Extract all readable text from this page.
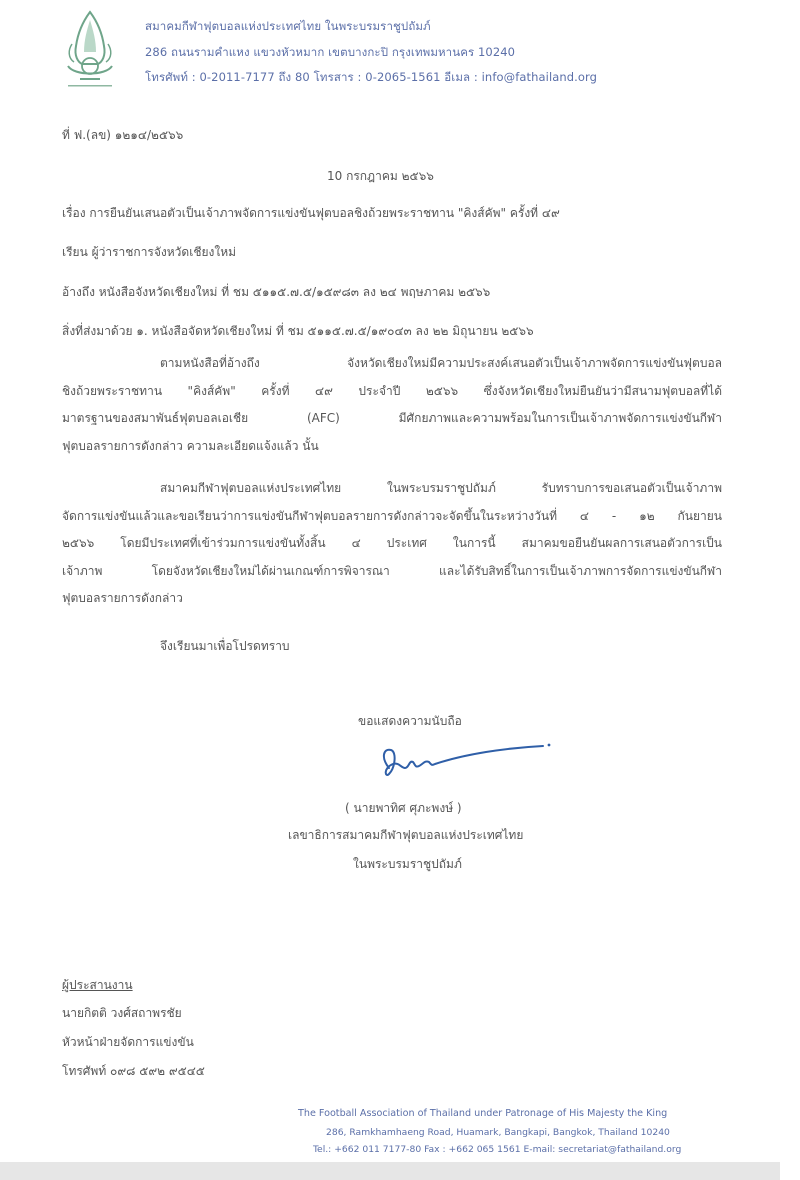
สมาคมกีฬาฟุตบอลแห่งประเทศไทย ในพระบรมราชูปถัมภ์
286 ถนนรามคำแหง แขวงหัวหมาก เขตบางกะปิ กรุงเทพมหานคร 10240
โทรศัพท์ : 0-2011-7177 ถึง 80 โทรสาร : 0-2065-1561 อีเมล : info@fathailand.org
ที่ ฟ.(ลข) ๑๒๑๔/๒๕๖๖
10 กรกฎาคม ๒๕๖๖
เรื่อง การยืนยันเสนอตัวเป็นเจ้าภาพจัดการแข่งขันฟุตบอลชิงถ้วยพระราชทาน "คิงส์คัพ" ครั้งที่ ๔๙
เรียน ผู้ว่าราชการจังหวัดเชียงใหม่
อ้างถึง หนังสือจังหวัดเชียงใหม่ ที่ ชม ๕๑๑๕.๗.๕/๑๕๙๘๓ ลง ๒๔ พฤษภาคม ๒๕๖๖
สิ่งที่ส่งมาด้วย ๑. หนังสือจัดหวัดเชียงใหม่ ที่ ชม ๕๑๑๕.๗.๕/๑๙๐๔๓ ลง ๒๒ มิถุนายน ๒๕๖๖
ตามหนังสือที่อ้างถึง จังหวัดเชียงใหม่มีความประสงค์เสนอตัวเป็นเจ้าภาพจัดการแข่งขันฟุตบอล
ชิงถ้วยพระราชทาน "คิงส์คัพ" ครั้งที่ ๔๙ ประจำปี ๒๕๖๖ ซึ่งจังหวัดเชียงใหม่ยืนยันว่ามีสนามฟุตบอลที่ได้
มาตรฐานของสมาพันธ์ฟุตบอลเอเชีย (AFC) มีศักยภาพและความพร้อมในการเป็นเจ้าภาพจัดการแข่งขันกีฬา
ฟุตบอลรายการดังกล่าว ความละเอียดแจ้งแล้ว นั้น
สมาคมกีฬาฟุตบอลแห่งประเทศไทย ในพระบรมราชูปถัมภ์ รับทราบการขอเสนอตัวเป็นเจ้าภาพ
จัดการแข่งขันแล้วและขอเรียนว่าการแข่งขันกีฬาฟุตบอลรายการดังกล่าวจะจัดขึ้นในระหว่างวันที่ ๔ - ๑๒ กันยายน
๒๕๖๖ โดยมีประเทศที่เข้าร่วมการแข่งขันทั้งสิ้น ๔ ประเทศ ในการนี้ สมาคมขอยืนยันผลการเสนอตัวการเป็น
เจ้าภาพ โดยจังหวัดเชียงใหม่ได้ผ่านเกณฑ์การพิจารณา และได้รับสิทธิ์ในการเป็นเจ้าภาพการจัดการแข่งขันกีฬา
ฟุตบอลรายการดังกล่าว
จึงเรียนมาเพื่อโปรดทราบ
ขอแสดงความนับถือ
( นายพาทิศ ศุภะพงษ์ )
เลขาธิการสมาคมกีฬาฟุตบอลแห่งประเทศไทย
ในพระบรมราชูปถัมภ์
ผู้ประสานงาน
นายกิตติ วงศ์สถาพรชัย
หัวหน้าฝ่ายจัดการแข่งขัน
โทรศัพท์ ๐๙๘ ๕๙๒ ๙๕๔๕
The Football Association of Thailand under Patronage of His Majesty the King
286, Ramkhamhaeng Road, Huamark, Bangkapi, Bangkok, Thailand 10240
Tel.: +662 011 7177-80 Fax : +662 065 1561 E-mail: secretariat@fathailand.org
